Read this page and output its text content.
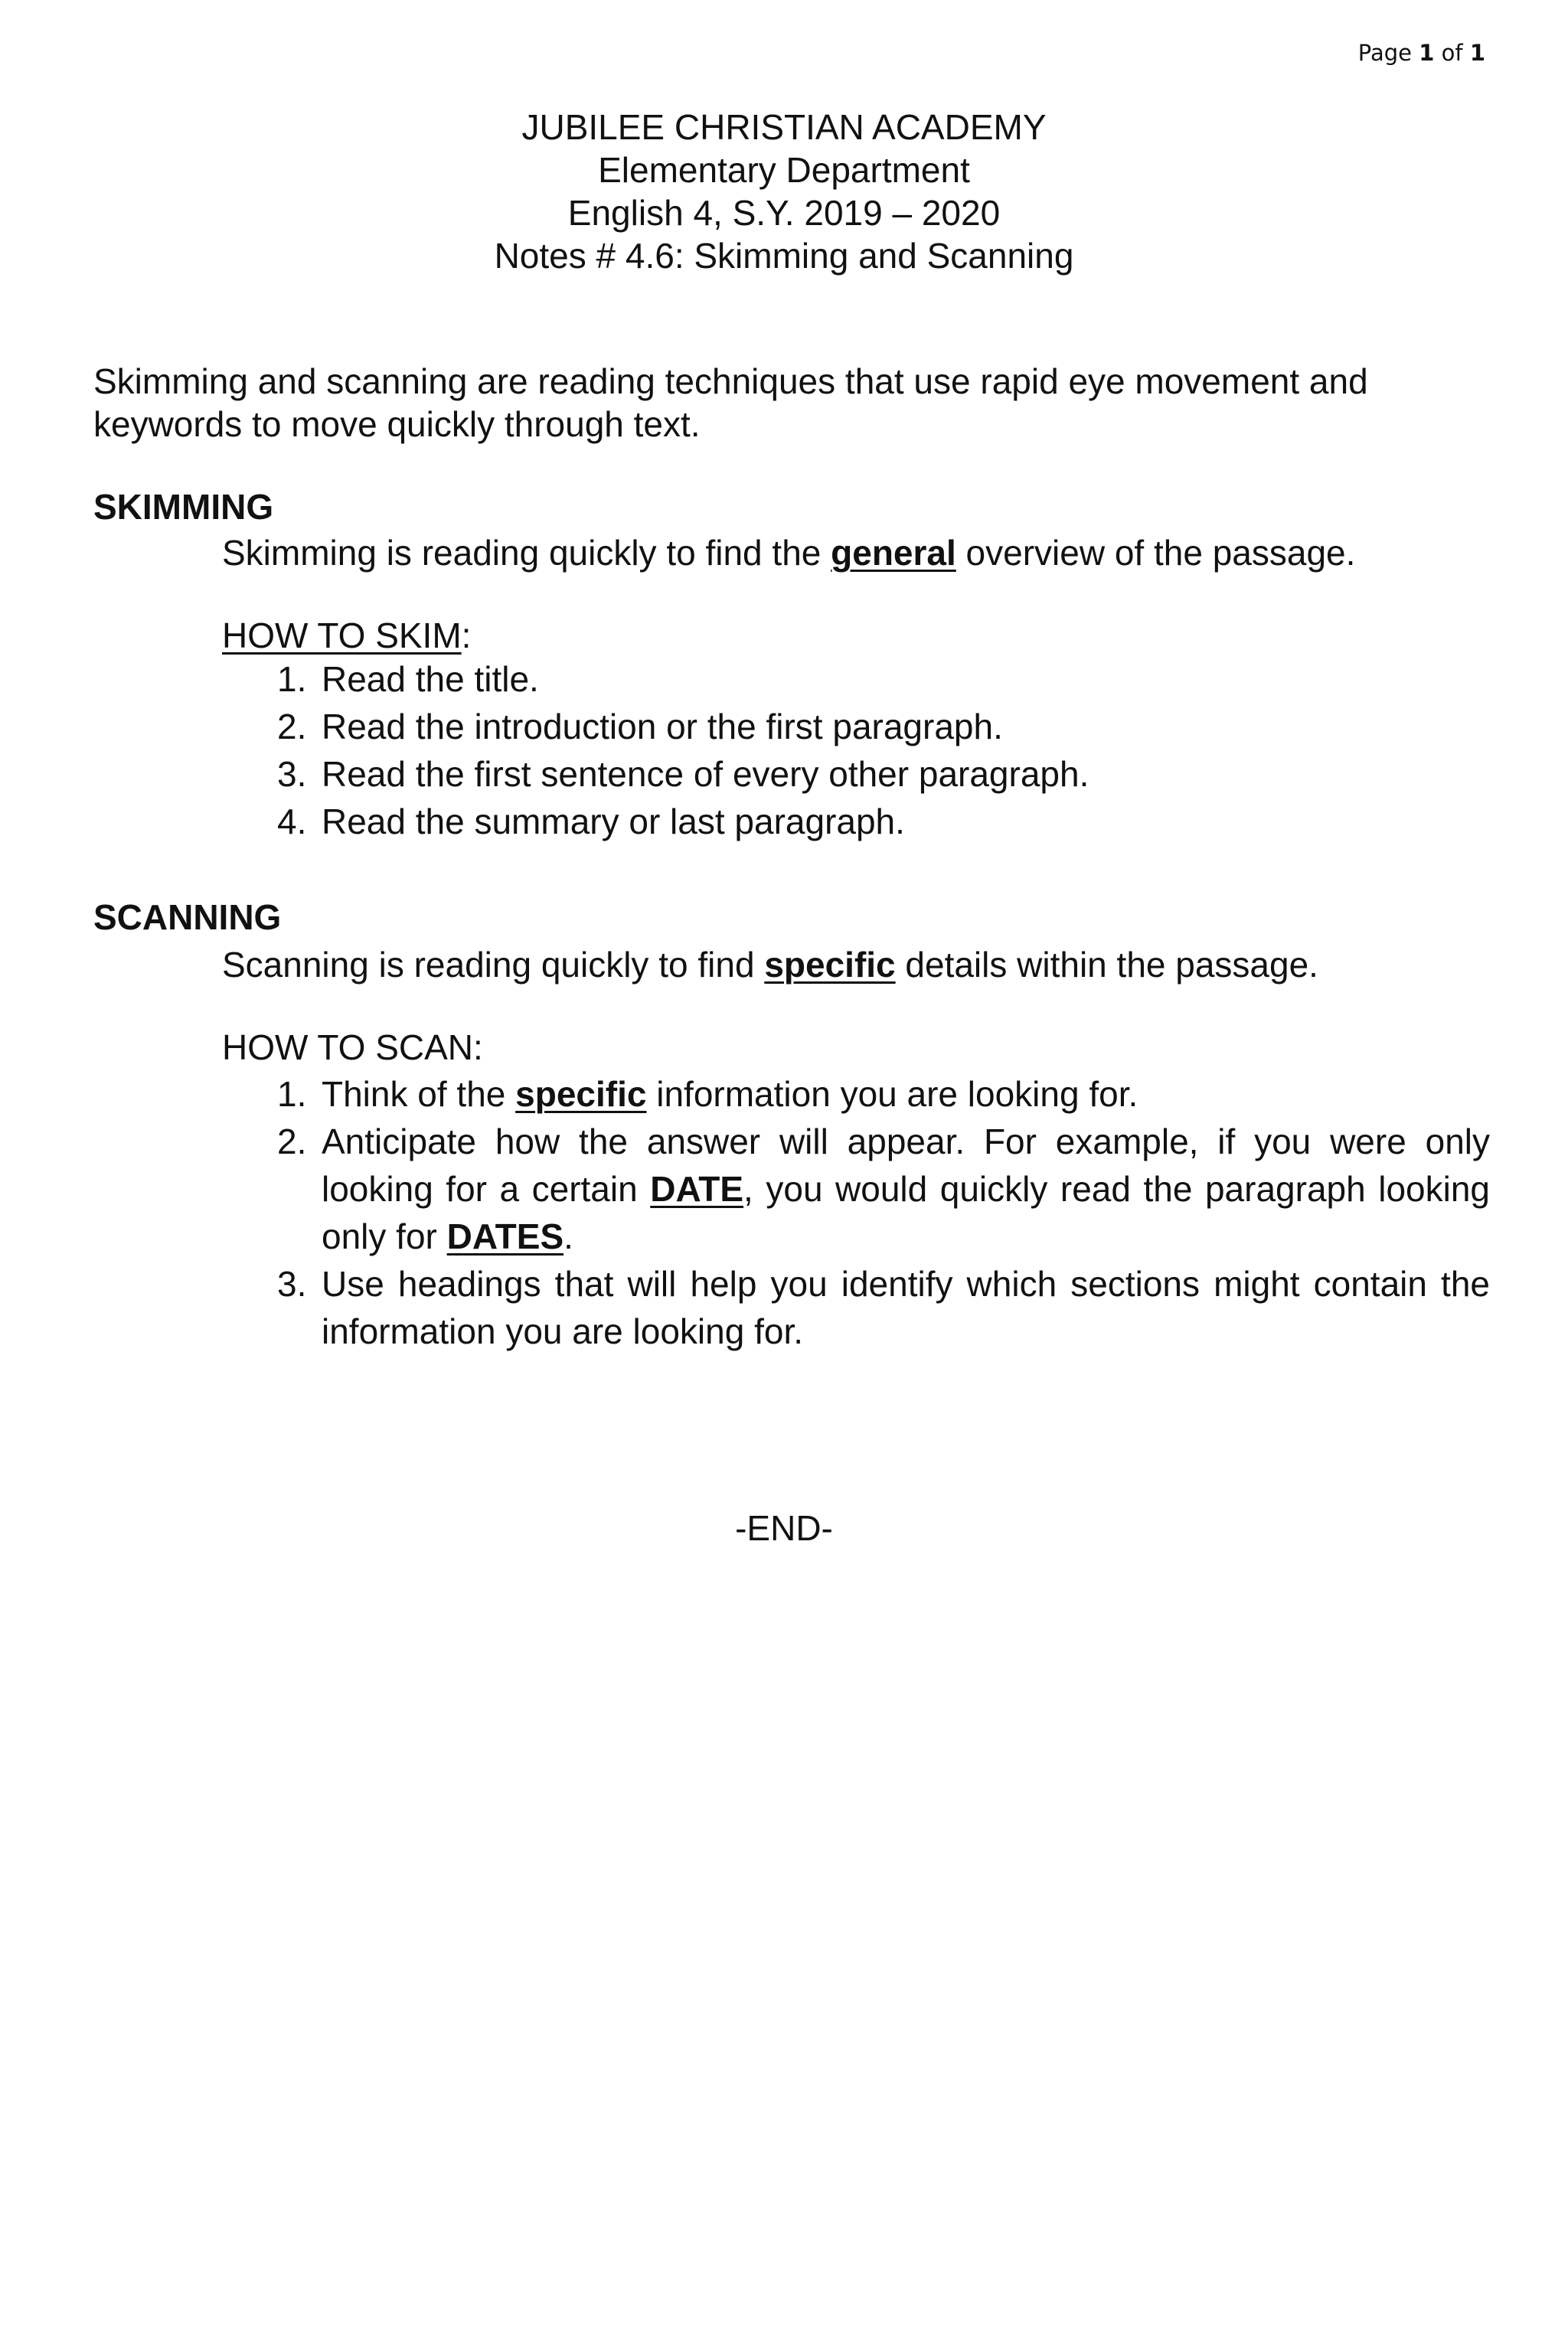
Page 1 of 1
JUBILEE CHRISTIAN ACADEMY
Elementary Department
English 4, S.Y. 2019 – 2020
Notes # 4.6: Skimming and Scanning
Skimming and scanning are reading techniques that use rapid eye movement and keywords to move quickly through text.
SKIMMING
Skimming is reading quickly to find the general overview of the passage.
HOW TO SKIM:
1. Read the title.
2. Read the introduction or the first paragraph.
3. Read the first sentence of every other paragraph.
4. Read the summary or last paragraph.
SCANNING
Scanning is reading quickly to find specific details within the passage.
HOW TO SCAN:
1. Think of the specific information you are looking for.
2. Anticipate how the answer will appear. For example, if you were only looking for a certain DATE, you would quickly read the paragraph looking only for DATES.
3. Use headings that will help you identify which sections might contain the information you are looking for.
-END-
